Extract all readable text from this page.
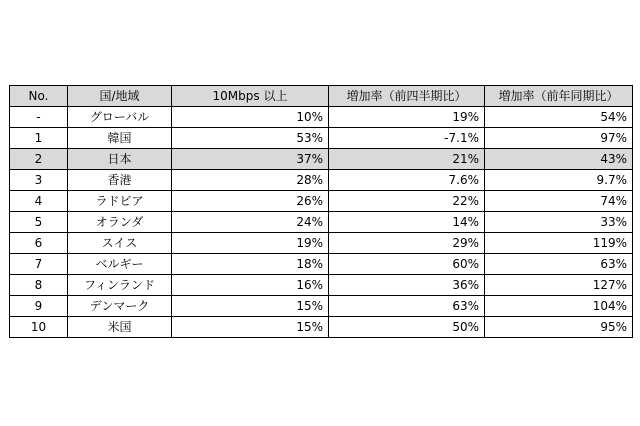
No.	国/地域	10Mbps 以上	増加率（前四半期比）	増加率（前年同期比）
-	グローバル	10%	19%	54%
1	韓国	53%	-7.1%	97%
2	日本	37%	21%	43%
3	香港	28%	7.6%	9.7%
4	ラドビア	26%	22%	74%
5	オランダ	24%	14%	33%
6	スイス	19%	29%	119%
7	ベルギー	18%	60%	63%
8	フィンランド	16%	36%	127%
9	デンマーク	15%	63%	104%
10	米国	15%	50%	95%
